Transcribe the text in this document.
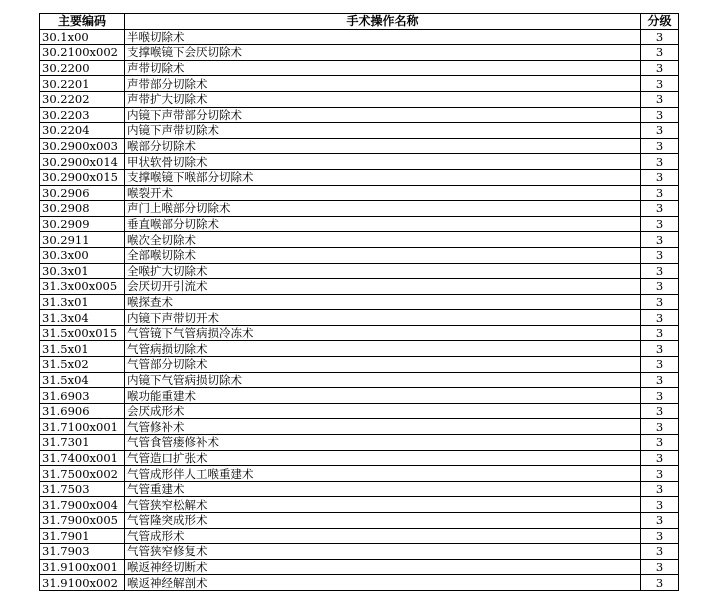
主要编码	手术操作名称	分级
30.1x00	半喉切除术	3
30.2100x002	支撑喉镜下会厌切除术	3
30.2200	声带切除术	3
30.2201	声带部分切除术	3
30.2202	声带扩大切除术	3
30.2203	内镜下声带部分切除术	3
30.2204	内镜下声带切除术	3
30.2900x003	喉部分切除术	3
30.2900x014	甲状软骨切除术	3
30.2900x015	支撑喉镜下喉部分切除术	3
30.2906	喉裂开术	3
30.2908	声门上喉部分切除术	3
30.2909	垂直喉部分切除术	3
30.2911	喉次全切除术	3
30.3x00	全部喉切除术	3
30.3x01	全喉扩大切除术	3
31.3x00x005	会厌切开引流术	3
31.3x01	喉探查术	3
31.3x04	内镜下声带切开术	3
31.5x00x015	气管镜下气管病损冷冻术	3
31.5x01	气管病损切除术	3
31.5x02	气管部分切除术	3
31.5x04	内镜下气管病损切除术	3
31.6903	喉功能重建术	3
31.6906	会厌成形术	3
31.7100x001	气管修补术	3
31.7301	气管食管瘘修补术	3
31.7400x001	气管造口扩张术	3
31.7500x002	气管成形伴人工喉重建术	3
31.7503	气管重建术	3
31.7900x004	气管狭窄松解术	3
31.7900x005	气管隆突成形术	3
31.7901	气管成形术	3
31.7903	气管狭窄修复术	3
31.9100x001	喉返神经切断术	3
31.9100x002	喉返神经解剖术	3
